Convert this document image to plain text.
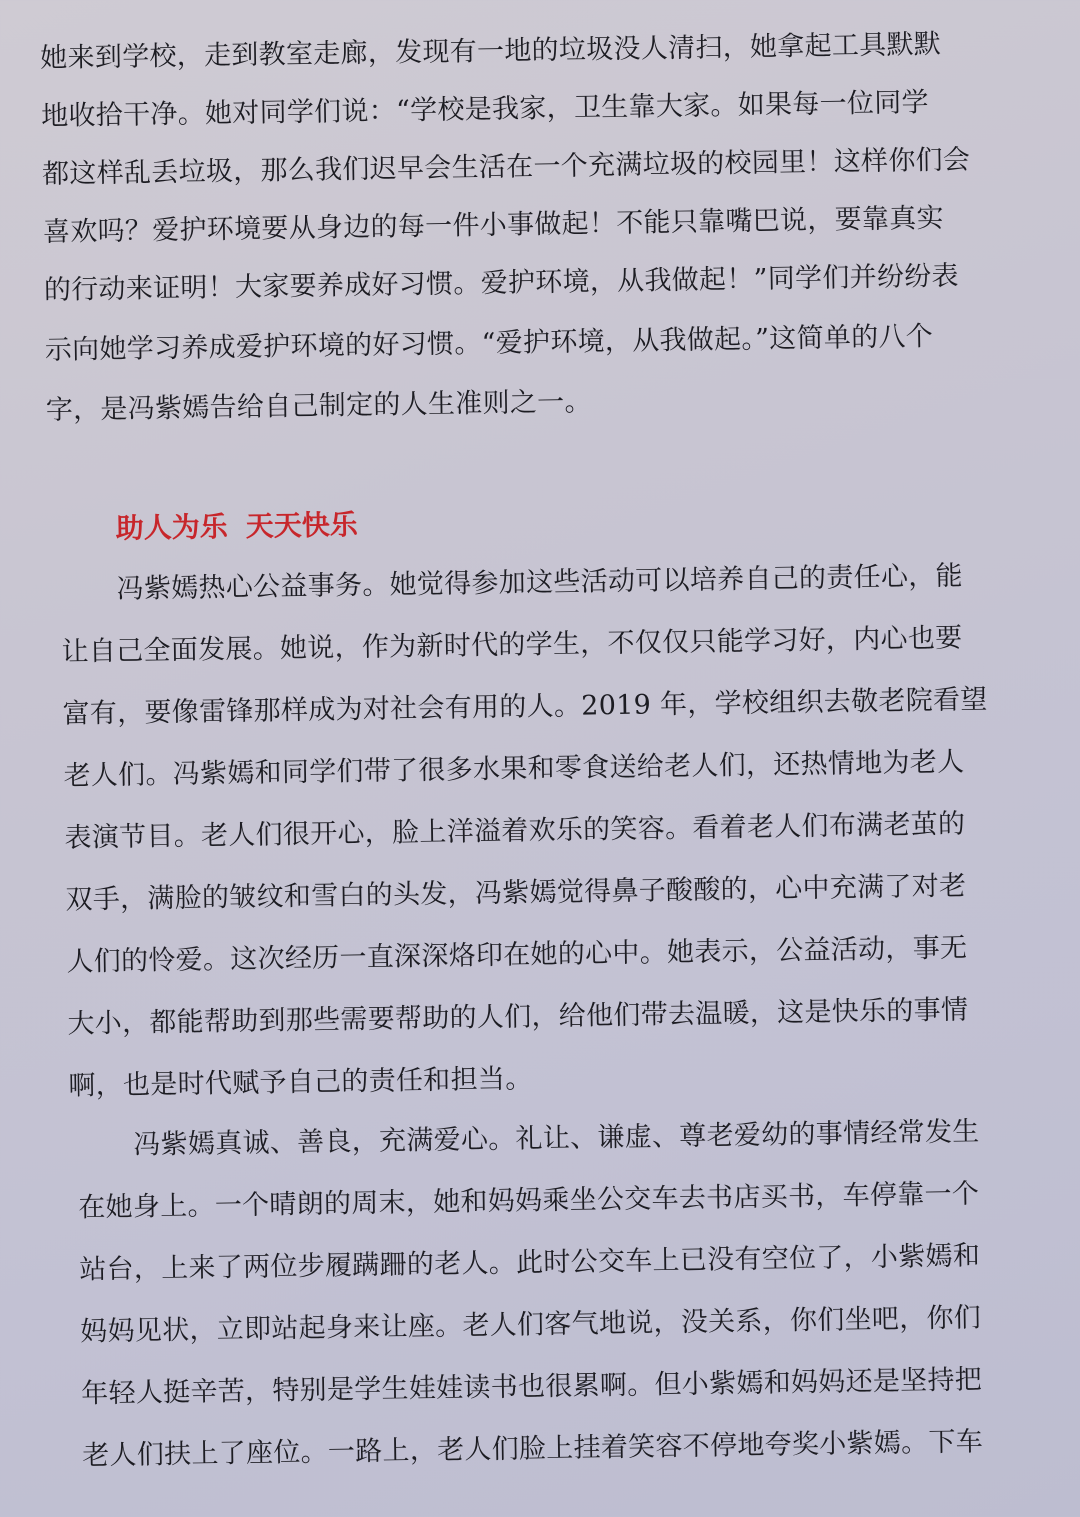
她来到学校，走到教室走廊，发现有一地的垃圾没人清扫，她拿起工具默默
地收拾干净。她对同学们说：“学校是我家，卫生靠大家。如果每一位同学
都这样乱丢垃圾，那么我们迟早会生活在一个充满垃圾的校园里！这样你们会
喜欢吗？爱护环境要从身边的每一件小事做起！不能只靠嘴巴说，要靠真实
的行动来证明！大家要养成好习惯。爱护环境，从我做起！”同学们并纷纷表
示向她学习养成爱护环境的好习惯。“爱护环境，从我做起。”这简单的八个
字，是冯紫嫣告给自己制定的人生准则之一。
助人为乐 天天快乐
冯紫嫣热心公益事务。她觉得参加这些活动可以培养自己的责任心，能
让自己全面发展。她说，作为新时代的学生，不仅仅只能学习好，内心也要
富有，要像雷锋那样成为对社会有用的人。2019 年，学校组织去敬老院看望
老人们。冯紫嫣和同学们带了很多水果和零食送给老人们，还热情地为老人
表演节目。老人们很开心，脸上洋溢着欢乐的笑容。看着老人们布满老茧的
双手，满脸的皱纹和雪白的头发，冯紫嫣觉得鼻子酸酸的，心中充满了对老
人们的怜爱。这次经历一直深深烙印在她的心中。她表示，公益活动，事无
大小，都能帮助到那些需要帮助的人们，给他们带去温暖，这是快乐的事情
啊，也是时代赋予自己的责任和担当。
冯紫嫣真诚、善良，充满爱心。礼让、谦虚、尊老爱幼的事情经常发生
在她身上。一个晴朗的周末，她和妈妈乘坐公交车去书店买书，车停靠一个
站台，上来了两位步履蹒跚的老人。此时公交车上已没有空位了，小紫嫣和
妈妈见状，立即站起身来让座。老人们客气地说，没关系，你们坐吧，你们
年轻人挺辛苦，特别是学生娃娃读书也很累啊。但小紫嫣和妈妈还是坚持把
老人们扶上了座位。一路上，老人们脸上挂着笑容不停地夸奖小紫嫣。下车
